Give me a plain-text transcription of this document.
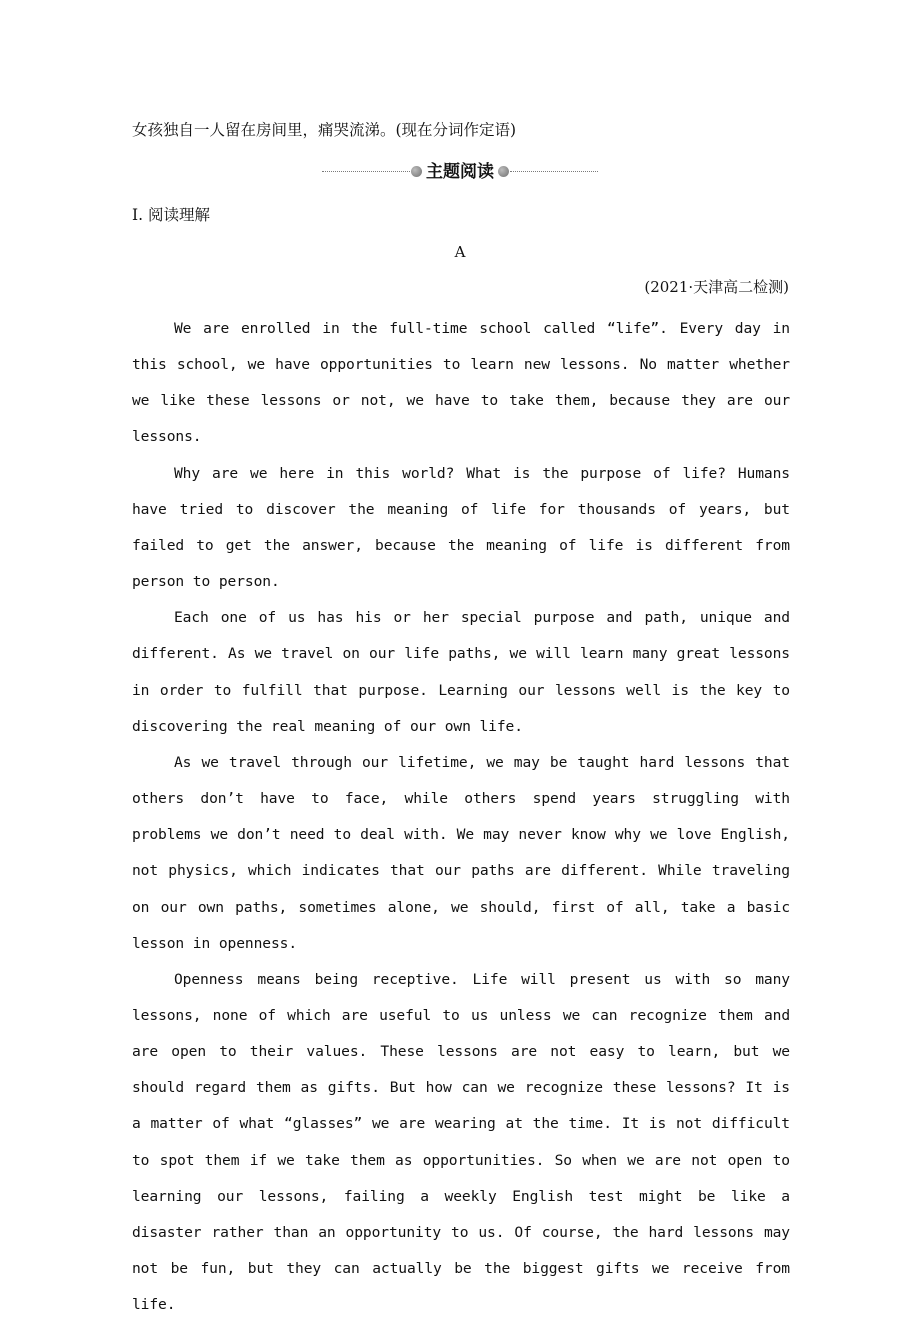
女孩独自一人留在房间里，痛哭流涕。(现在分词作定语)
主题阅读
Ⅰ. 阅读理解
A
(2021·天津高二检测)

We are enrolled in the full-time school called “life”. Every day in this school, we have opportunities to learn new lessons. No matter whether we like these lessons or not, we have to take them, because they are our lessons.

Why are we here in this world? What is the purpose of life? Humans have tried to discover the meaning of life for thousands of years, but failed to get the answer, because the meaning of life is different from person to person.

Each one of us has his or her special purpose and path, unique and different. As we travel on our life paths, we will learn many great lessons in order to fulfill that purpose. Learning our lessons well is the key to discovering the real meaning of our own life.

As we travel through our lifetime, we may be taught hard lessons that others don’t have to face, while others spend years struggling with problems we don’t need to deal with. We may never know why we love English, not physics, which indicates that our paths are different. While traveling on our own paths, sometimes alone, we should, first of all, take a basic lesson in openness.

Openness means being receptive. Life will present us with so many lessons, none of which are useful to us unless we can recognize them and are open to their values. These lessons are not easy to learn, but we should regard them as gifts. But how can we recognize these lessons? It is a matter of what “glasses” we are wearing at the time. It is not difficult to spot them if we take them as opportunities. So when we are not open to learning our lessons, failing a weekly English test might be like a disaster rather than an opportunity to us. Of course, the hard lessons may not be fun, but they can actually be the biggest gifts we receive from life.
